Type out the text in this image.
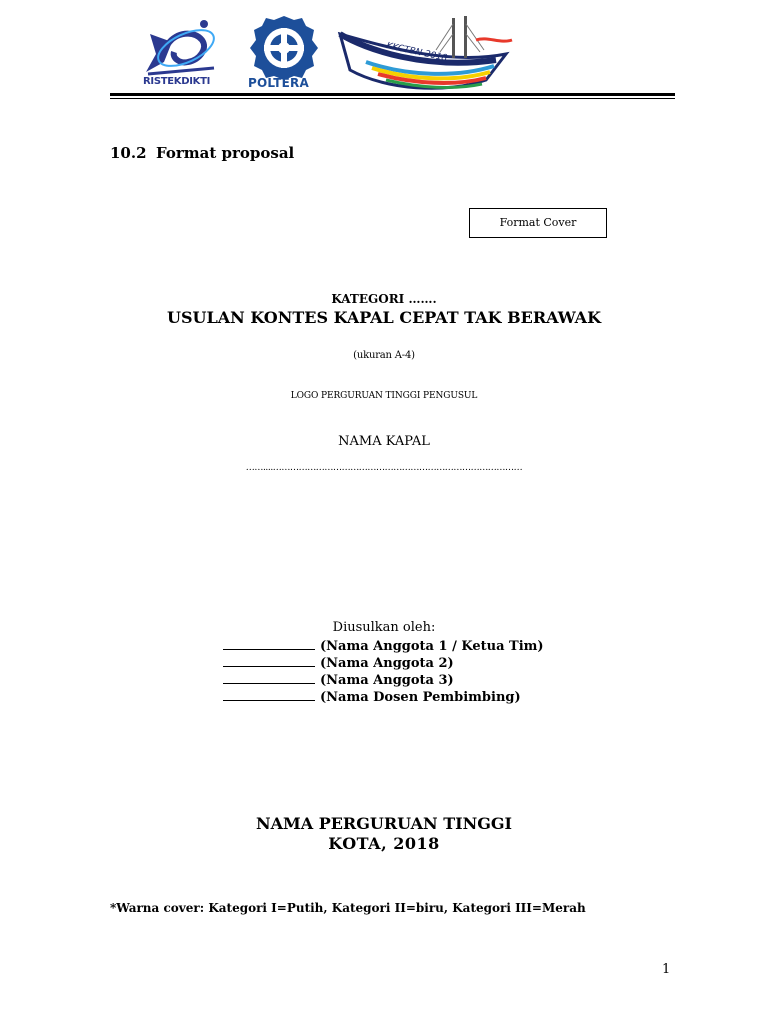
RISTEKDIKTI	POLTERA
KKCTBN 2018
10.2 Format proposal
Format Cover
KATEGORI …….
USULAN KONTES KAPAL CEPAT TAK BERAWAK
(ukuran A-4)
LOGO PERGURUAN TINGGI PENGUSUL
NAMA KAPAL
……....……………………………………………………………………………
Diusulkan oleh:
(Nama Anggota 1 / Ketua Tim)
(Nama Anggota 2)
(Nama Anggota 3)
(Nama Dosen Pembimbing)
NAMA PERGURUAN TINGGI
KOTA, 2018
*Warna cover: Kategori I=Putih, Kategori II=biru, Kategori III=Merah
1
